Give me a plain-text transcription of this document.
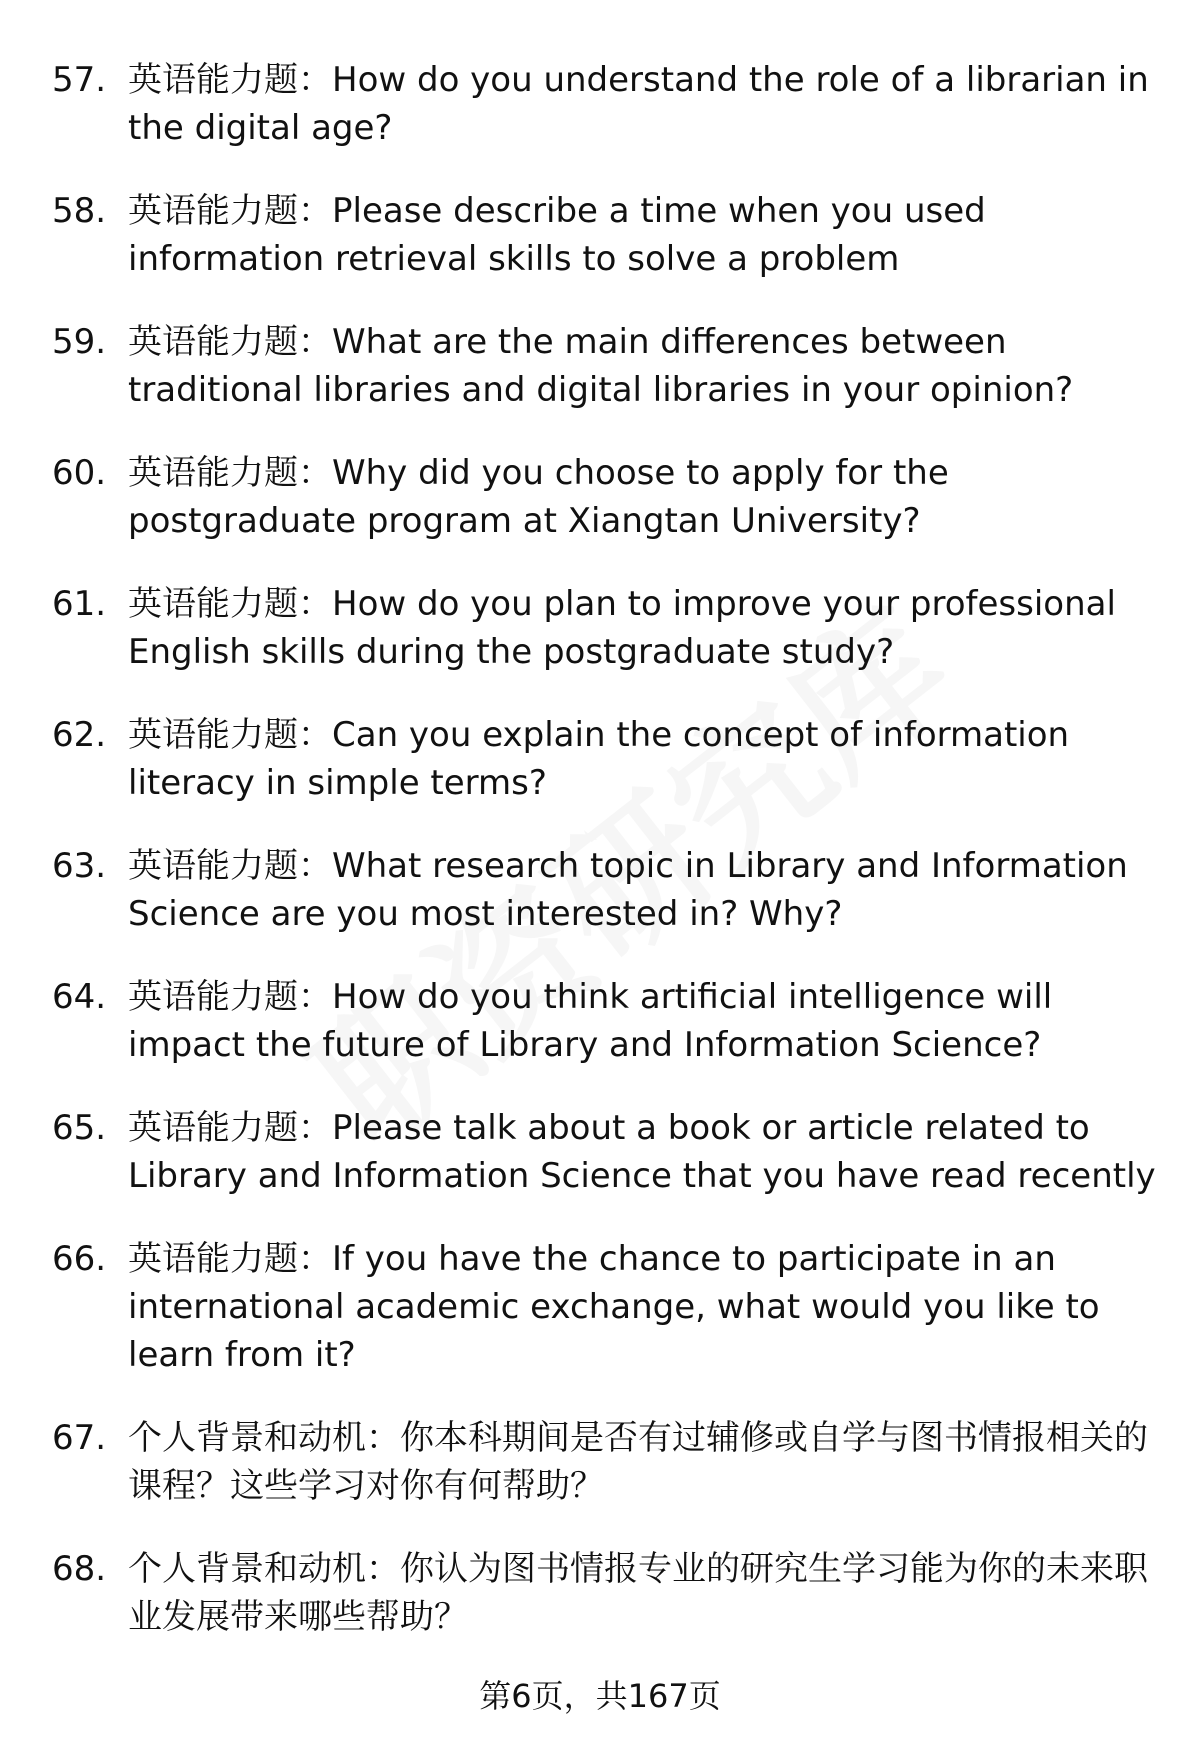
57. 英语能力题：How do you understand the role of a librarian in the digital age?
58. 英语能力题：Please describe a time when you used information retrieval skills to solve a problem
59. 英语能力题：What are the main differences between traditional libraries and digital libraries in your opinion?
60. 英语能力题：Why did you choose to apply for the postgraduate program at Xiangtan University?
61. 英语能力题：How do you plan to improve your professional English skills during the postgraduate study?
62. 英语能力题：Can you explain the concept of information literacy in simple terms?
63. 英语能力题：What research topic in Library and Information Science are you most interested in? Why?
64. 英语能力题：How do you think artificial intelligence will impact the future of Library and Information Science?
65. 英语能力题：Please talk about a book or article related to Library and Information Science that you have read recently
66. 英语能力题：If you have the chance to participate in an international academic exchange, what would you like to learn from it?
67. 个人背景和动机：你本科期间是否有过辅修或自学与图书情报相关的课程？这些学习对你有何帮助？
68. 个人背景和动机：你认为图书情报专业的研究生学习能为你的未来职业发展带来哪些帮助？
第6页，共167页
